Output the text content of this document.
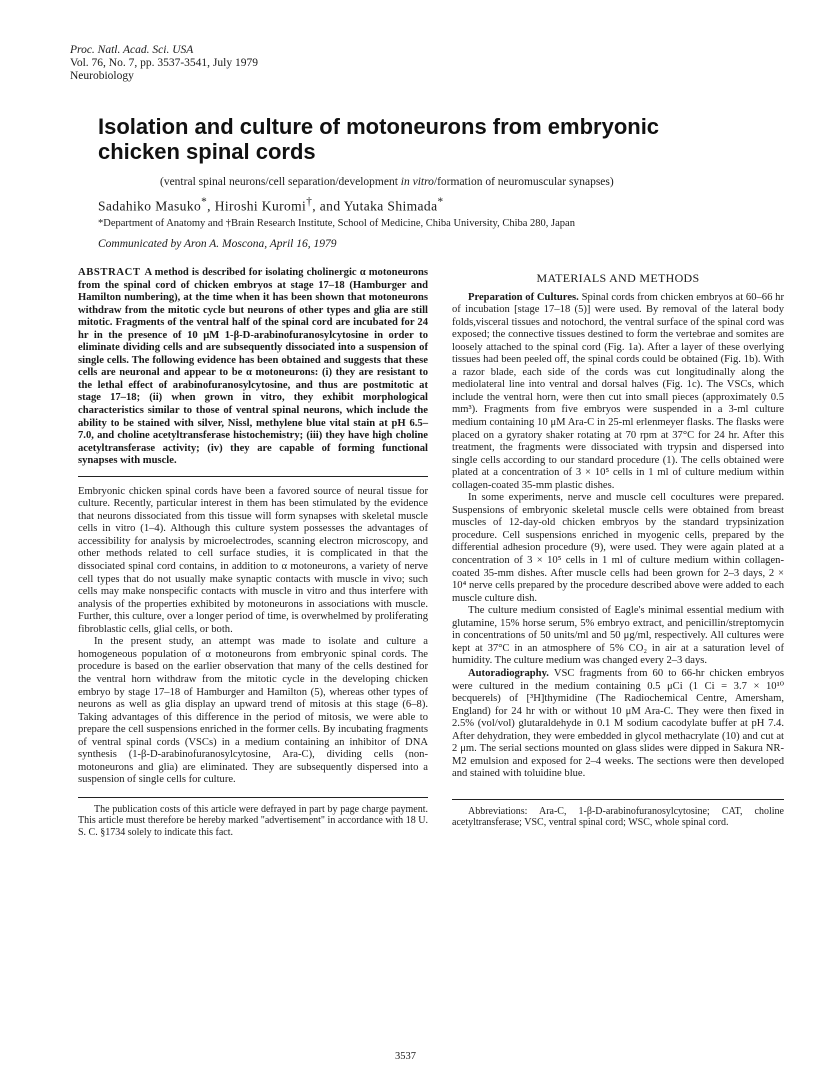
Proc. Natl. Acad. Sci. USA
Vol. 76, No. 7, pp. 3537-3541, July 1979
Neurobiology
Isolation and culture of motoneurons from embryonic chicken spinal cords
(ventral spinal neurons/cell separation/development in vitro/formation of neuromuscular synapses)
Sadahiko Masuko*, Hiroshi Kuromi†, and Yutaka Shimada*
*Department of Anatomy and †Brain Research Institute, School of Medicine, Chiba University, Chiba 280, Japan
Communicated by Aron A. Moscona, April 16, 1979

ABSTRACT A method is described for isolating cholinergic α motoneurons from the spinal cord of chicken embryos at stage 17–18 (Hamburger and Hamilton numbering), at the time when it has been shown that motoneurons withdraw from the mitotic cycle but neurons of other types and glia are still mitotic. Fragments of the ventral half of the spinal cord are incubated for 24 hr in the presence of 10 μM 1-β-D-arabinofuranosylcytosine in order to eliminate dividing cells and are subsequently dissociated into a suspension of single cells. The following evidence has been obtained and suggests that these cells are neuronal and appear to be α motoneurons: (i) they are resistant to the lethal effect of arabinofuranosylcytosine, and thus are postmitotic at stage 17–18; (ii) when grown in vitro, they exhibit morphological characteristics similar to those of ventral spinal neurons, which include the ability to be stained with silver, Nissl, methylene blue vital stain at pH 6.5–7.0, and choline acetyltransferase histochemistry; (iii) they have high choline acetyltransferase activity; (iv) they are capable of forming functional synapses with muscle.

Embryonic chicken spinal cords have been a favored source of neural tissue for culture. Recently, particular interest in them has been stimulated by the evidence that neurons dissociated from this tissue will form synapses with skeletal muscle cells in vitro (1–4). Although this culture system possesses the advantages of accessibility for analysis by microelectrodes, scanning electron microscopy, and other methods related to cell surface studies, it is complicated in that the dissociated spinal cord contains, in addition to α motoneurons, a variety of nerve cell types that do not usually make synaptic contacts with muscle in vivo; such cells may make nonspecific contacts with muscle in vitro and thus interfere with analysis of the properties exhibited by motoneurons in associations with muscle. Further, this culture, over a longer period of time, is overwhelmed by proliferating fibroblastic cells, glial cells, or both.

In the present study, an attempt was made to isolate and culture a homogeneous population of α motoneurons from embryonic spinal cords. The procedure is based on the earlier observation that many of the cells destined for the ventral horn withdraw from the mitotic cycle in the developing chicken embryo by stage 17–18 of Hamburger and Hamilton (5), whereas other types of neurons as well as glia display an upward trend of mitosis at this stage (6–8). Taking advantages of this difference in the period of mitosis, we were able to prepare the cell suspensions enriched in the former cells. By incubating fragments of ventral spinal cords (VSCs) in a medium containing an inhibitor of DNA synthesis (1-β-D-arabinofuranosylcytosine, Ara-C), dividing cells (non-motoneurons and glia) are eliminated. They are subsequently dispersed into a suspension of single cells for culture.

The publication costs of this article were defrayed in part by page charge payment. This article must therefore be hereby marked "advertisement" in accordance with 18 U. S. C. §1734 solely to indicate this fact.

MATERIALS AND METHODS

Preparation of Cultures. Spinal cords from chicken embryos at 60–66 hr of incubation [stage 17–18 (5)] were used. By removal of the lateral body folds,visceral tissues and notochord, the ventral surface of the spinal cord was exposed; the connective tissues destined to form the vertebrae and somites are loosely attached to the spinal cord (Fig. 1a). After a layer of these overlying tissues had been peeled off, the spinal cords could be obtained (Fig. 1b). With a razor blade, each side of the cords was cut longitudinally along the mediolateral line into ventral and dorsal halves (Fig. 1c). The VSCs, which include the ventral horn, were then cut into small pieces (approximately 0.5 mm³). Fragments from five embryos were suspended in a 3-ml culture medium containing 10 μM Ara-C in 25-ml erlenmeyer flasks. The flasks were placed on a gyratory shaker rotating at 70 rpm at 37°C for 24 hr. After this treatment, the fragments were dissociated with trypsin and dispersed into single cells according to our standard procedure (1). The cells obtained were plated at a concentration of 3 × 10⁵ cells in 1 ml of culture medium within collagen-coated 35-mm plastic dishes.

In some experiments, nerve and muscle cell cocultures were prepared. Suspensions of embryonic skeletal muscle cells were obtained from breast muscles of 12-day-old chicken embryos by the standard trypsinization procedure. Cell suspensions enriched in myogenic cells, prepared by the differential adhesion procedure (9), were used. They were again plated at a concentration of 3 × 10⁵ cells in 1 ml of culture medium within collagen-coated 35-mm dishes. After muscle cells had been grown for 2–3 days, 2 × 10⁴ nerve cells prepared by the procedure described above were added to each muscle culture dish.

The culture medium consisted of Eagle's minimal essential medium with glutamine, 15% horse serum, 5% embryo extract, and penicillin/streptomycin in concentrations of 50 units/ml and 50 μg/ml, respectively. All cultures were kept at 37°C in an atmosphere of 5% CO₂ in air at a saturation level of humidity. The culture medium was changed every 2–3 days.

Autoradiography. VSC fragments from 60 to 66-hr chicken embryos were cultured in the medium containing 0.5 μCi (1 Ci = 3.7 × 10¹⁰ becquerels) of [³H]thymidine (The Radiochemical Centre, Amersham, England) for 24 hr with or without 10 μM Ara-C. They were then fixed in 2.5% (vol/vol) glutaraldehyde in 0.1 M sodium cacodylate buffer at pH 7.4. After dehydration, they were embedded in glycol methacrylate (10) and cut at 2 μm. The serial sections mounted on glass slides were dipped in Sakura NR-M2 emulsion and exposed for 2–4 weeks. The sections were then developed and stained with toluidine blue.

Abbreviations: Ara-C, 1-β-D-arabinofuranosylcytosine; CAT, choline acetyltransferase; VSC, ventral spinal cord; WSC, whole spinal cord.

3537
